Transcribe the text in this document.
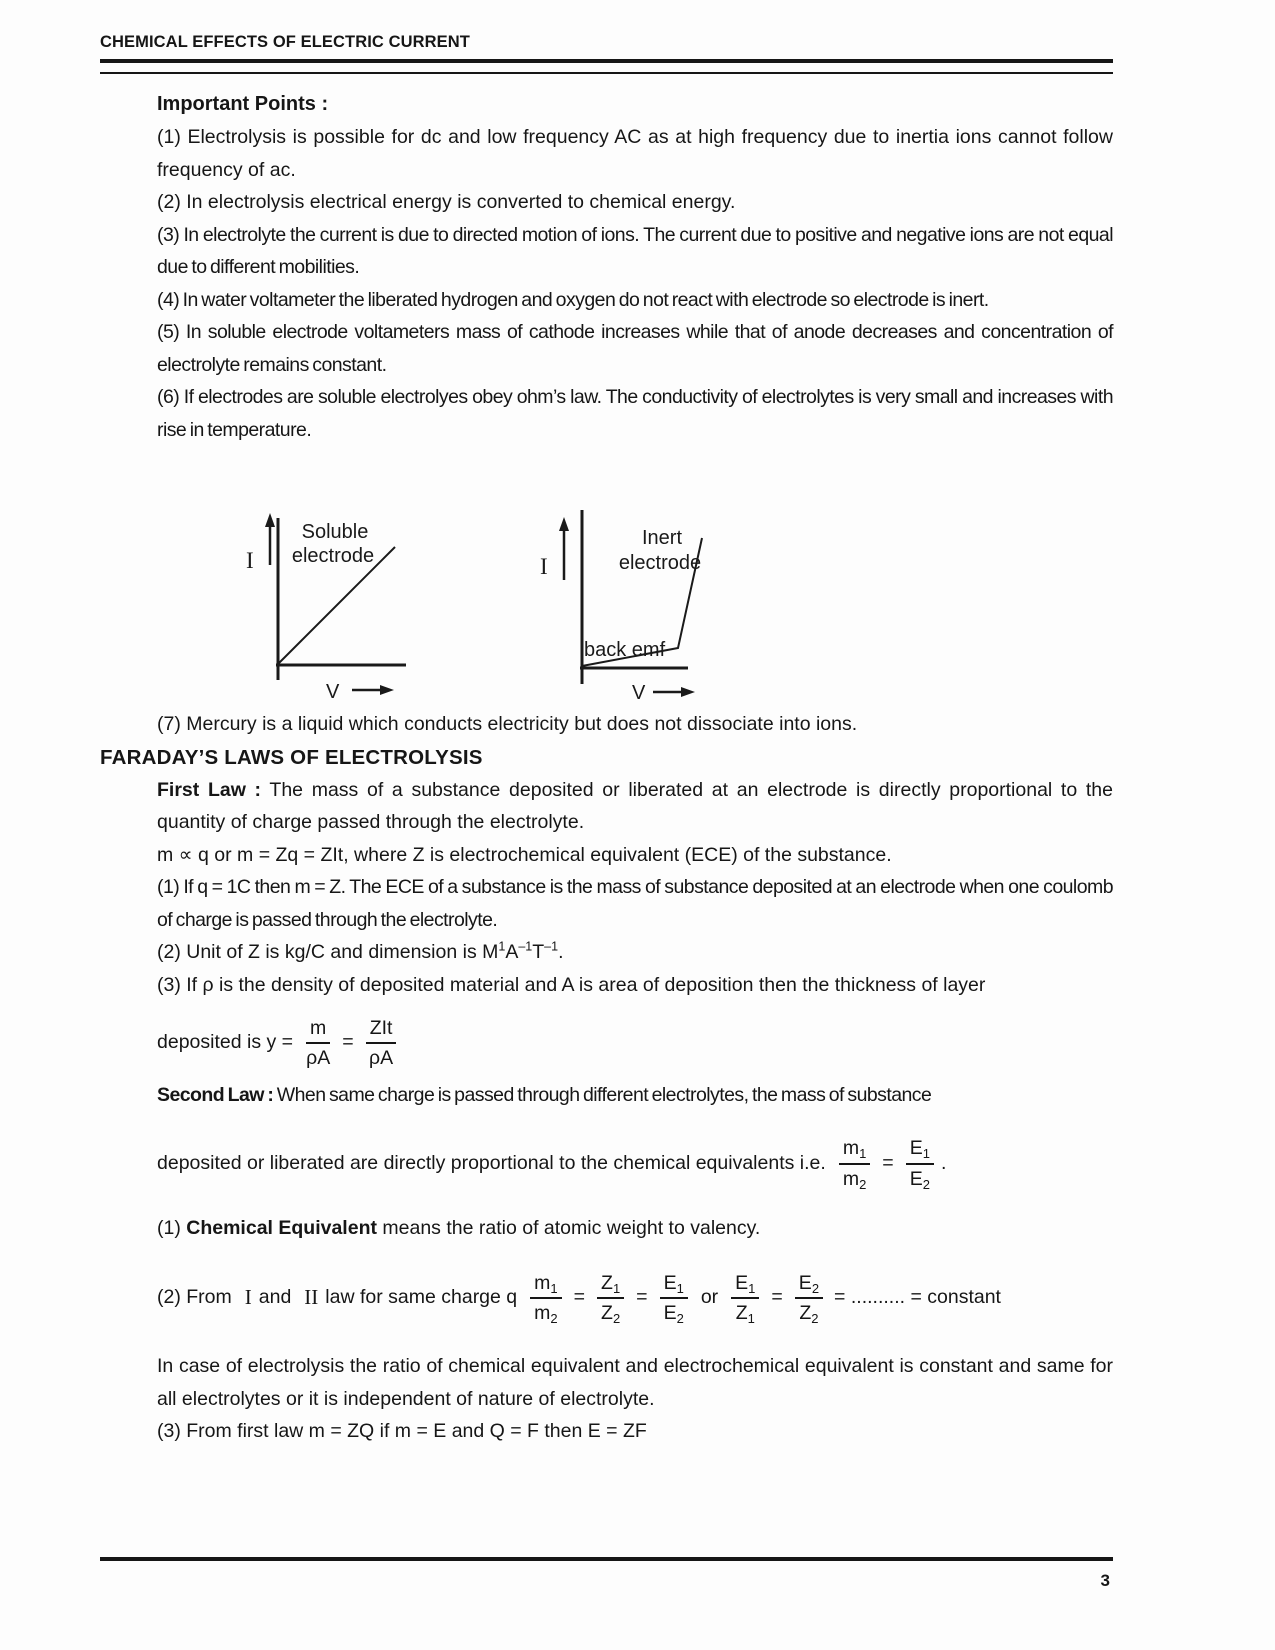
CHEMICAL EFFECTS OF ELECTRIC CURRENT
Important Points :

(1) Electrolysis is possible for dc and low frequency AC as at high frequency due to inertia ions cannot follow frequency of ac.

(2) In electrolysis electrical energy is converted to chemical energy.

(3) In electrolyte the current is due to directed motion of ions. The current due to positive and negative ions are not equal due to different mobilities.

(4) In water voltameter the liberated hydrogen and oxygen do not react with electrode so electrode is inert.

(5) In soluble electrode voltameters mass of cathode increases while that of anode decreases and concentration of electrolyte remains constant.

(6) If electrodes are soluble electrolyes obey ohm’s law. The conductivity of electrolytes is very small and increases with rise in temperature.

I
Soluble
electrode
V
I
Inert
electrode
back emf
V

(7) Mercury is a liquid which conducts electricity but does not dissociate into ions.

FARADAY’S LAWS OF ELECTROLYSIS

First Law : The mass of a substance deposited or liberated at an electrode is directly proportional to the quantity of charge passed through the electrolyte.

m ∝ q or m = Zq = ZIt, where Z is electrochemical equivalent (ECE) of the substance.

(1) If q = 1C then m = Z. The ECE of a substance is the mass of substance deposited at an electrode when one coulomb of charge is passed through the electrolyte.

(2) Unit of Z is kg/C and dimension is $M^1A^{-1}T^{-1}$.

(3) If ρ is the density of deposited material and A is area of deposition then the thickness of layer

deposited is $y = \frac{m}{\rho A} = \frac{\text{ZIt}}{\rho A}$

Second Law : When same charge is passed through different electrolytes, the mass of substance

deposited or liberated are directly proportional to the chemical equivalents i.e. $\frac{m_1}{m_2} = \frac{E_1}{E_2}$ .

(1) Chemical Equivalent means the ratio of atomic weight to valency.

(2) From I and II law for same charge q $\frac{m_1}{m_2} = \frac{Z_1}{Z_2} = \frac{E_1}{E_2}$ or $\frac{E_1}{Z_1} = \frac{E_2}{Z_2}$ = .......... = constant

In case of electrolysis the ratio of chemical equivalent and electrochemical equivalent is constant and same for all electrolytes or it is independent of nature of electrolyte.

(3) From first law m = ZQ if m = E and Q = F then E = ZF

3
